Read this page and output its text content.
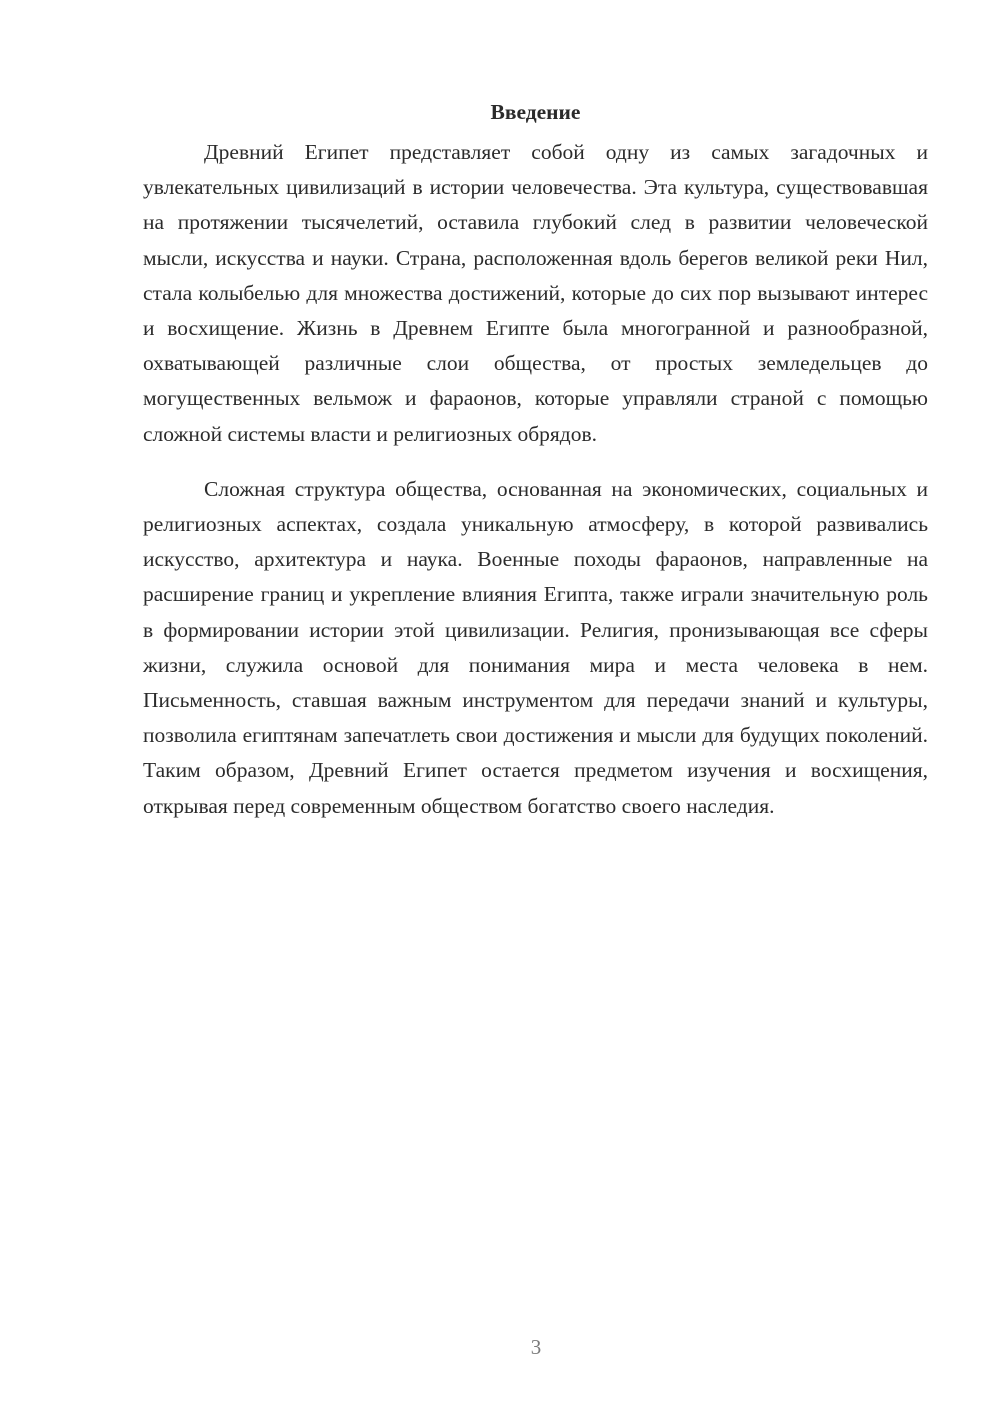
Введение

Древний Египет представляет собой одну из самых загадочных и увлекательных цивилизаций в истории человечества. Эта культура, существовавшая на протяжении тысячелетий, оставила глубокий след в развитии человеческой мысли, искусства и науки. Страна, расположенная вдоль берегов великой реки Нил, стала колыбелью для множества достижений, которые до сих пор вызывают интерес и восхищение. Жизнь в Древнем Египте была многогранной и разнообразной, охватывающей различные слои общества, от простых земледельцев до могущественных вельмож и фараонов, которые управляли страной с помощью сложной системы власти и религиозных обрядов.

Сложная структура общества, основанная на экономических, социальных и религиозных аспектах, создала уникальную атмосферу, в которой развивались искусство, архитектура и наука. Военные походы фараонов, направленные на расширение границ и укрепление влияния Египта, также играли значительную роль в формировании истории этой цивилизации. Религия, пронизывающая все сферы жизни, служила основой для понимания мира и места человека в нем. Письменность, ставшая важным инструментом для передачи знаний и культуры, позволила египтянам запечатлеть свои достижения и мысли для будущих поколений. Таким образом, Древний Египет остается предметом изучения и восхищения, открывая перед современным обществом богатство своего наследия.

3
